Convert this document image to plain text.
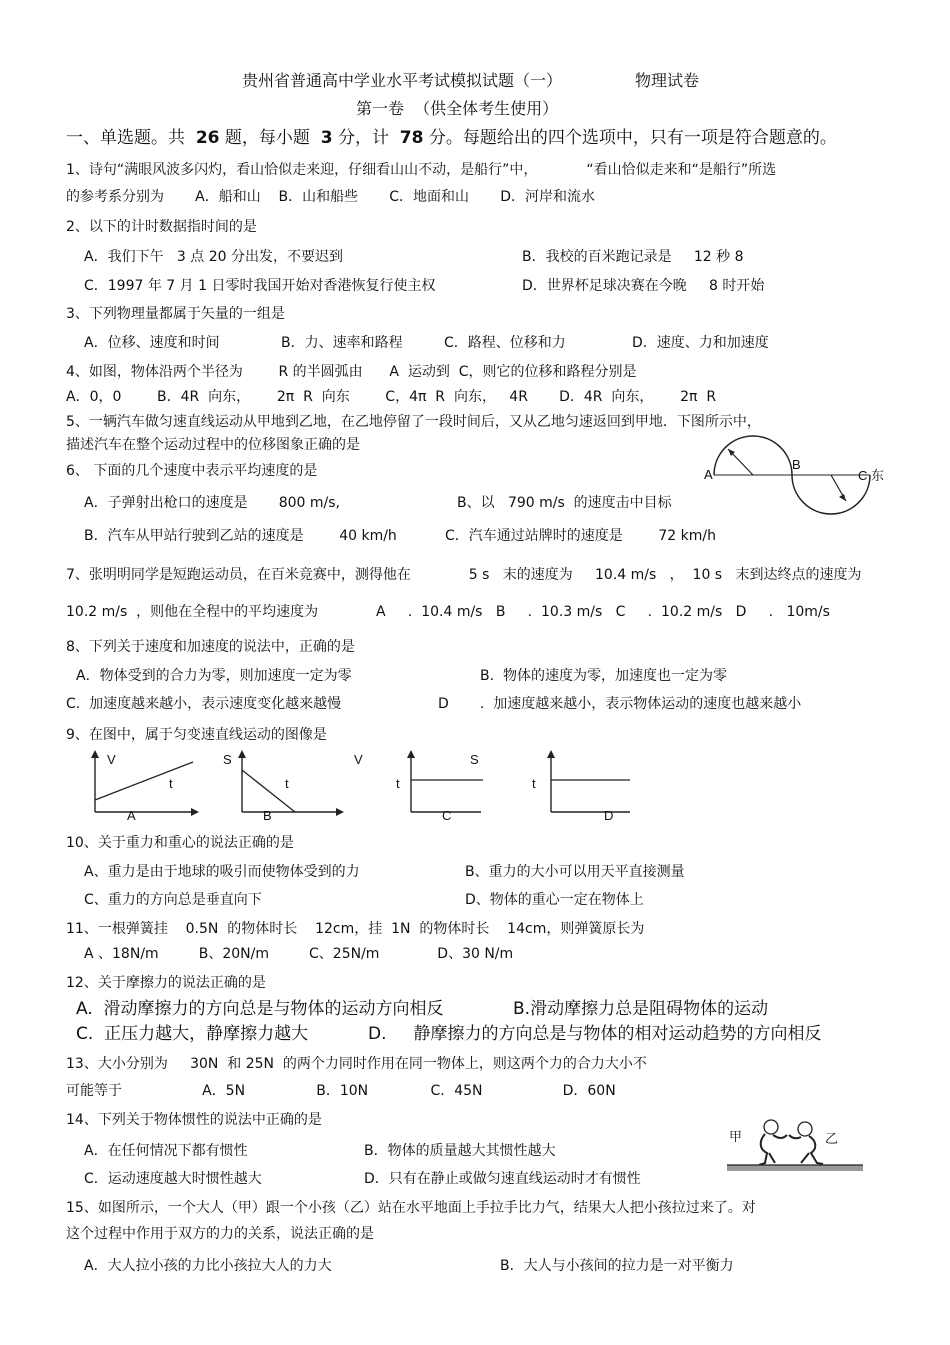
贵州省普通高中学业水平考试模拟试题（一）	物理试卷
第一卷  （供全体考生使用）
一、单选题。共  26 题，每小题  3 分，计  78 分。每题给出的四个选项中，只有一项是符合题意的。
1、诗句“满眼风波多闪灼，看山恰似走来迎，仔细看山山不动，是船行”中，           “看山恰似走来和“是船行”所选
的参考系分别为       A．船和山    B．山和船些       C．地面和山       D．河岸和流水
2、以下的计时数据指时间的是
A．我们下午   3 点 20 分出发，不要迟到	B．我校的百米跑记录是     12 秒 8
C．1997 年 7 月 1 日零时我国开始对香港恢复行使主权	D．世界杯足球决赛在今晚     8 时开始
3、下列物理量都属于矢量的一组是
A．位移、速度和时间	B．力、速率和路程	C．路程、位移和力	D．速度、力和加速度
4、如图，物体沿两个半径为        R 的半圆弧由      A  运动到  C，则它的位移和路程分别是
A．0，0        B．4R  向东，      2π  R  向东        C，4π  R  向东，   4R       D．4R  向东，      2π  R
5、一辆汽车做匀速直线运动从甲地到乙地，在乙地停留了一段时间后，又从乙地匀速返回到甲地．下图所示中，
描述汽车在整个运动过程中的位移图象正确的是
A
B
C 东
6、 下面的几个速度中表示平均速度的是
A．子弹射出枪口的速度是       800 m/s,	B、以   790 m/s  的速度击中目标
B．汽车从甲站行驶到乙站的速度是        40 km/h	C．汽车通过站牌时的速度是        72 km/h
7、张明明同学是短跑运动员，在百米竞赛中，测得他在             5 s   末的速度为     10.4 m/s   ，  10 s   末到达终点的速度为
10.2 m/s  ，则他在全程中的平均速度为             A     .  10.4 m/s   B     .  10.3 m/s   C     .  10.2 m/s   D     .   10m/s
8、下列关于速度和加速度的说法中，正确的是
A．物体受到的合力为零，则加速度一定为零	B.  物体的速度为零，加速度也一定为零
C.  加速度越来越小，表示速度变化越来越慢	D       .  加速度越来越小，表示物体运动的速度也越来越小
9、在图中，属于匀变速直线运动的图像是
V
t
A
S
t
B
V
t
C
S
t
D
10、关于重力和重心的说法正确的是
A、重力是由于地球的吸引而使物体受到的力	B、重力的大小可以用天平直接测量
C、重力的方向总是垂直向下	D、物体的重心一定在物体上
11、一根弹簧挂    0.5N  的物体时长    12cm，挂  1N  的物体时长    14cm，则弹簧原长为
A 、18N/m         B、20N/m         C、25N/m             D、30 N/m
12、关于摩擦力的说法正确的是
A.  滑动摩擦力的方向总是与物体的运动方向相反	B.滑动摩擦力总是阻碍物体的运动
C.  正压力越大，静摩擦力越大	D.     静摩擦力的方向总是与物体的相对运动趋势的方向相反
13、大小分别为     30N  和 25N  的两个力同时作用在同一物体上，则这两个力的合力大小不
可能等于                  A．5N                B．10N              C．45N                  D．60N
14、下列关于物体惯性的说法中正确的是
A．在任何情况下都有惯性	B．物体的质量越大其惯性越大
C．运动速度越大时惯性越大	D．只有在静止或做匀速直线运动时才有惯性
甲	乙
15、如图所示，一个大人（甲）跟一个小孩（乙）站在水平地面上手拉手比力气，结果大人把小孩拉过来了。对
这个过程中作用于双方的力的关系，说法正确的是
A．大人拉小孩的力比小孩拉大人的力大	B．大人与小孩间的拉力是一对平衡力
